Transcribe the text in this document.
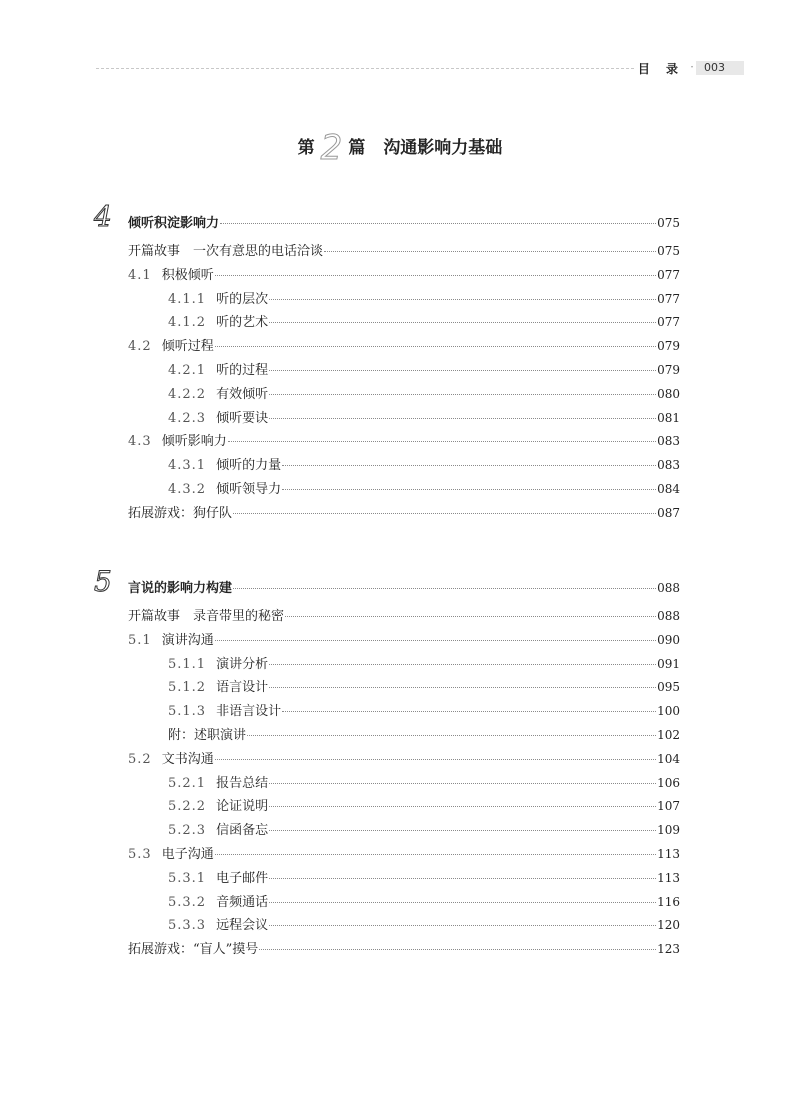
目 录 · 003
第 2 篇 沟通影响力基础
4 倾听积淀影响力	075
开篇故事　一次有意思的电话洽谈	075
4.1 积极倾听	077
4.1.1 听的层次	077
4.1.2 听的艺术	077
4.2 倾听过程	079
4.2.1 听的过程	079
4.2.2 有效倾听	080
4.2.3 倾听要诀	081
4.3 倾听影响力	083
4.3.1 倾听的力量	083
4.3.2 倾听领导力	084
拓展游戏：狗仔队	087
5 言说的影响力构建	088
开篇故事　录音带里的秘密	088
5.1 演讲沟通	090
5.1.1 演讲分析	091
5.1.2 语言设计	095
5.1.3 非语言设计	100
附：述职演讲	102
5.2 文书沟通	104
5.2.1 报告总结	106
5.2.2 论证说明	107
5.2.3 信函备忘	109
5.3 电子沟通	113
5.3.1 电子邮件	113
5.3.2 音频通话	116
5.3.3 远程会议	120
拓展游戏：“盲人”摸号	123
